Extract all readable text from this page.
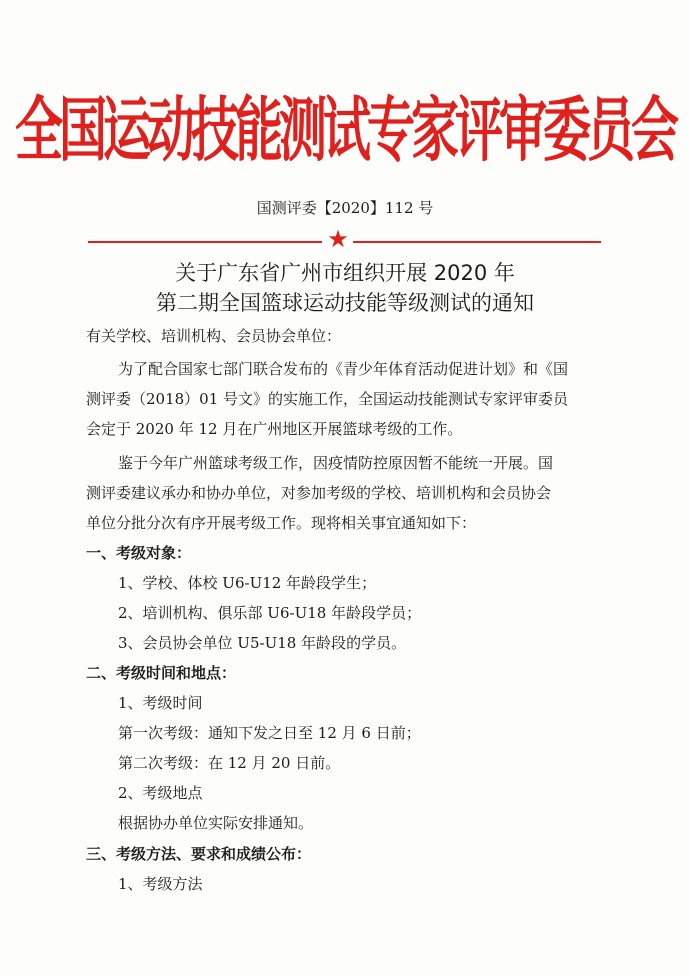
全国运动技能测试专家评审委员会
国测评委【2020】112 号
★
关于广东省广州市组织开展 2020 年
第二期全国篮球运动技能等级测试的通知
有关学校、培训机构、会员协会单位：
为了配合国家七部门联合发布的《青少年体育活动促进计划》和《国
测评委（2018）01 号文》的实施工作，全国运动技能测试专家评审委员
会定于 2020 年 12 月在广州地区开展篮球考级的工作。
鉴于今年广州篮球考级工作，因疫情防控原因暂不能统一开展。国
测评委建议承办和协办单位，对参加考级的学校、培训机构和会员协会
单位分批分次有序开展考级工作。现将相关事宜通知如下：
一、考级对象：
1、学校、体校 U6-U12 年龄段学生；
2、培训机构、俱乐部 U6-U18 年龄段学员；
3、会员协会单位 U5-U18 年龄段的学员。
二、考级时间和地点：
1、考级时间
第一次考级：通知下发之日至 12 月 6 日前；
第二次考级：在 12 月 20 日前。
2、考级地点
根据协办单位实际安排通知。
三、考级方法、要求和成绩公布：
1、考级方法
